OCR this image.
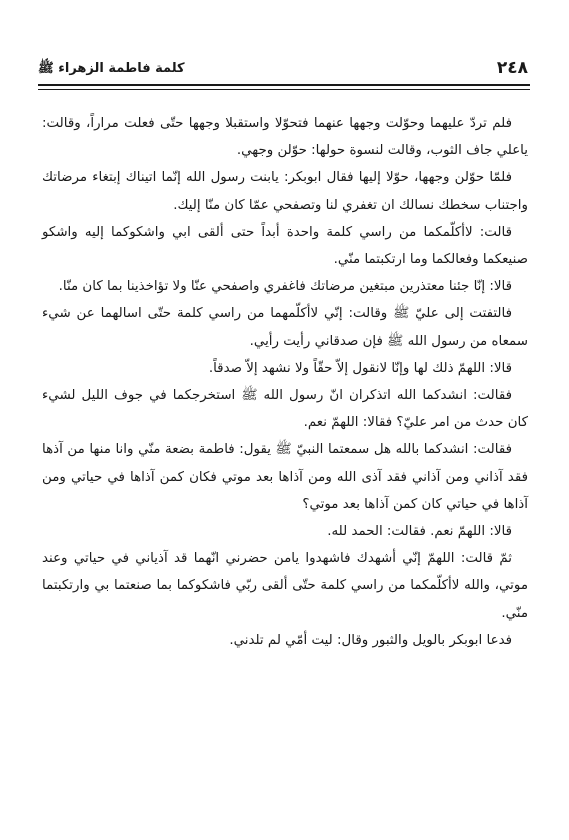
٢٤٨
كلمة فاطمة الزهراء ﷺ

فلم تردّ عليهما وحوّلت وجهها عنهما فتحوّلا واستقبلا وجهها حتّى فعلت مراراً، وقالت: ياعلي جاف الثوب، وقالت لنسوة حولها: حوّلن وجهي.

فلمّا حوّلن وجهها، حوّلا إليها فقال ابوبكر: يابنت رسول الله إنّما اتيناك إبتغاء مرضاتك واجتناب سخطك نسالك ان تغفري لنا وتصفحي عمّا كان منّا إليك.

قالت: لاأكلّمكما من راسي كلمة واحدة أبداً حتى ألقى ابي واشكوكما إليه واشكو صنيعكما وفعالكما وما ارتكبتما منّي.

قالا: إنّا جئنا معتذرين مبتغين مرضاتك فاغفري واصفحي عنّا ولا تؤاخذينا بما كان منّا.

فالتفتت إلى عليّ ﷺ وقالت: إنّي لاأكلّمهما من راسي كلمة حتّى اسالهما عن شيء سمعاه من رسول الله ﷺ فإن صدقاني رأيت رأيي.

قالا: اللهمّ ذلك لها وإنّا لانقول إلاّ حقّاً ولا نشهد إلاّ صدقاً.

فقالت: انشدكما الله اتذكران انّ رسول الله ﷺ استخرجكما في جوف الليل لشيء كان حدث من امر عليّ؟ فقالا: اللهمّ نعم.

فقالت: انشدكما بالله هل سمعتما النبيّ ﷺ يقول: فاطمة بضعة منّي وانا منها من آذها فقد آذاني ومن آذاني فقد آذى الله ومن آذاها بعد موتي فكان كمن آذاها في حياتي ومن آذاها في حياتي كان كمن آذاها بعد موتي؟

قالا: اللهمّ نعم. فقالت: الحمد لله.

ثمّ قالت: اللهمّ إنّي أشهدك فاشهدوا يامن حضرني انّهما قد آذياني في حياتي وعند موتي، والله لاأكلّمكما من راسي كلمة حتّى ألقى ربّي فاشكوكما بما صنعتما بي وارتكبتما منّي.

فدعا ابوبكر بالويل والثبور وقال: ليت أمّي لم تلدني.
